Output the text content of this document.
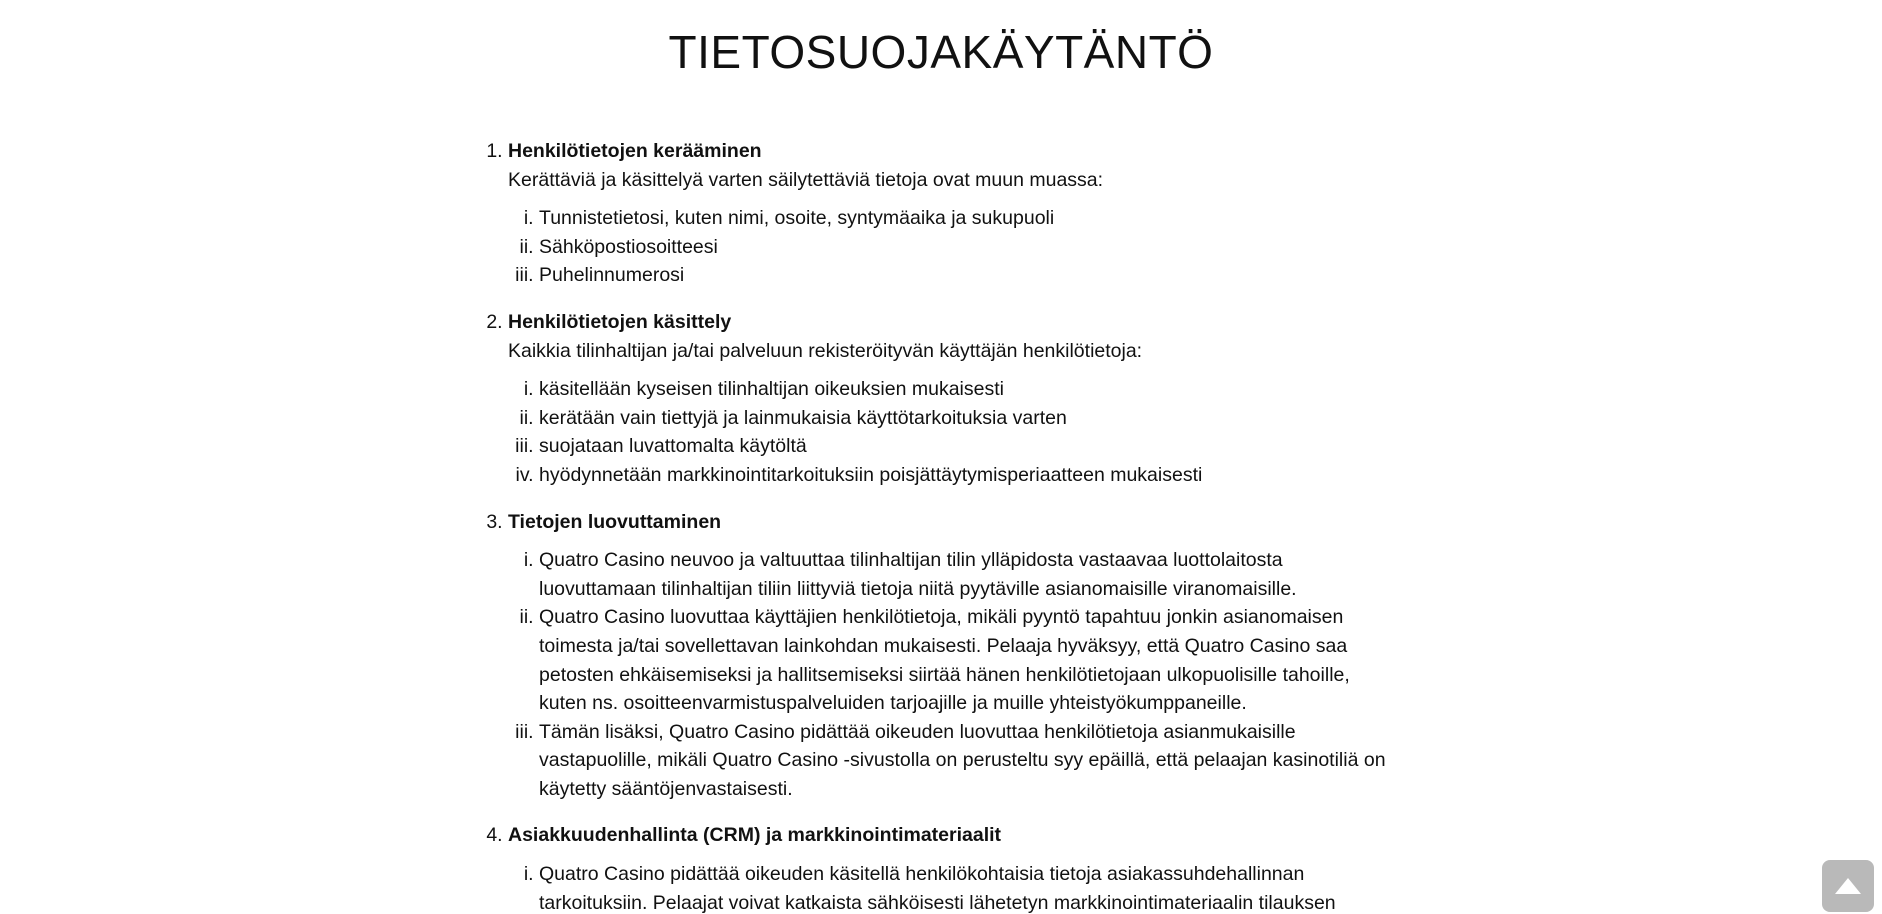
TIETOSUOJAKÄYTÄNTÖ
1. Henkilötietojen kerääminen
Kerättäviä ja käsittelyä varten säilytettäviä tietoja ovat muun muassa:
i. Tunnistetietosi, kuten nimi, osoite, syntymäaika ja sukupuoli
ii. Sähköpostiosoitteesi
iii. Puhelinnumerosi
2. Henkilötietojen käsittely
Kaikkia tilinhaltijan ja/tai palveluun rekisteröityvän käyttäjän henkilötietoja:
i. käsitellään kyseisen tilinhaltijan oikeuksien mukaisesti
ii. kerätään vain tiettyjä ja lainmukaisia käyttötarkoituksia varten
iii. suojataan luvattomalta käytöltä
iv. hyödynnetään markkinointitarkoituksiin poisjättäytymisperiaatteen mukaisesti
3. Tietojen luovuttaminen
i. Quatro Casino neuvoo ja valtuuttaa tilinhaltijan tilin ylläpidosta vastaavaa luottolaitosta luovuttamaan tilinhaltijan tiliin liittyviä tietoja niitä pyytäville asianomaisille viranomaisille.
ii. Quatro Casino luovuttaa käyttäjien henkilötietoja, mikäli pyyntö tapahtuu jonkin asianomaisen toimesta ja/tai sovellettavan lainkohdan mukaisesti. Pelaaja hyväksyy, että Quatro Casino saa petosten ehkäisemiseksi ja hallitsemiseksi siirtää hänen henkilötietojaan ulkopuolisille tahoille, kuten ns. osoitteenvarmistuspalveluiden tarjoajille ja muille yhteistyökumppaneille.
iii. Tämän lisäksi, Quatro Casino pidättää oikeuden luovuttaa henkilötietoja asianmukaisille vastapuolille, mikäli Quatro Casino -sivustolla on perusteltu syy epäillä, että pelaajan kasinotiliä on käytetty sääntöjenvastaisesti.
4. Asiakkuudenhallinta (CRM) ja markkinointimateriaalit
i. Quatro Casino pidättää oikeuden käsitellä henkilökohtaisia tietoja asiakassuhdehallinnan tarkoituksiin. Pelaajat voivat katkaista sähköisesti lähetetyn markkinointimateriaalin tilauksen
